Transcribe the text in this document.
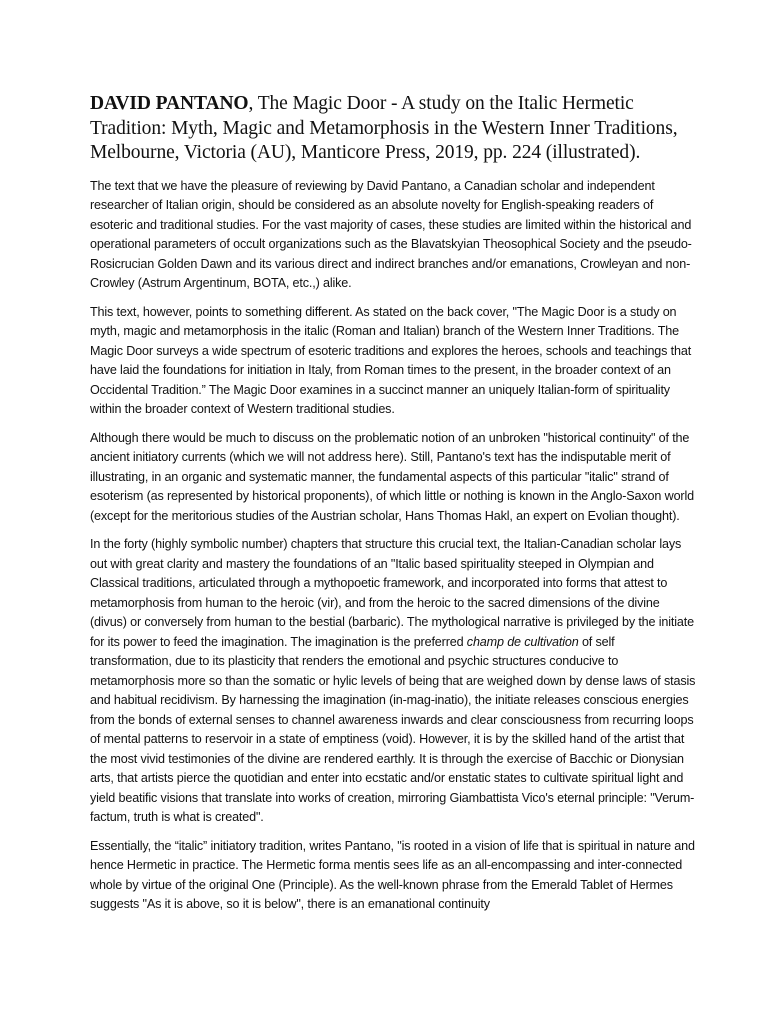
DAVID PANTANO, The Magic Door - A study on the Italic Hermetic Tradition: Myth, Magic and Metamorphosis in the Western Inner Traditions, Melbourne, Victoria (AU), Manticore Press, 2019, pp. 224 (illustrated).

The text that we have the pleasure of reviewing by David Pantano, a Canadian scholar and independent researcher of Italian origin, should be considered as an absolute novelty for English-speaking readers of esoteric and traditional studies. For the vast majority of cases, these studies are limited within the historical and operational parameters of occult organizations such as the Blavatskyian Theosophical Society and the pseudo-Rosicrucian Golden Dawn and its various direct and indirect branches and/or emanations, Crowleyan and non-Crowley (Astrum Argentinum, BOTA, etc.,) alike.

This text, however, points to something different. As stated on the back cover, "The Magic Door is a study on myth, magic and metamorphosis in the italic (Roman and Italian) branch of the Western Inner Traditions. The Magic Door surveys a wide spectrum of esoteric traditions and explores the heroes, schools and teachings that have laid the foundations for initiation in Italy, from Roman times to the present, in the broader context of an Occidental Tradition.” The Magic Door examines in a succinct manner an uniquely Italian-form of spirituality within the broader context of Western traditional studies.

Although there would be much to discuss on the problematic notion of an unbroken "historical continuity" of the ancient initiatory currents (which we will not address here). Still, Pantano's text has the indisputable merit of illustrating, in an organic and systematic manner, the fundamental aspects of this particular "italic" strand of esoterism (as represented by historical proponents), of which little or nothing is known in the Anglo-Saxon world (except for the meritorious studies of the Austrian scholar, Hans Thomas Hakl, an expert on Evolian thought).

In the forty (highly symbolic number) chapters that structure this crucial text, the Italian-Canadian scholar lays out with great clarity and mastery the foundations of an "Italic based spirituality steeped in Olympian and Classical traditions, articulated through a mythopoetic framework, and incorporated into forms that attest to metamorphosis from human to the heroic (vir), and from the heroic to the sacred dimensions of the divine (divus) or conversely from human to the bestial (barbaric). The mythological narrative is privileged by the initiate for its power to feed the imagination. The imagination is the preferred champ de cultivation of self transformation, due to its plasticity that renders the emotional and psychic structures conducive to metamorphosis more so than the somatic or hylic levels of being that are weighed down by dense laws of stasis and habitual recidivism. By harnessing the imagination (in-mag-inatio), the initiate releases conscious energies from the bonds of external senses to channel awareness inwards and clear consciousness from recurring loops of mental patterns to reservoir in a state of emptiness (void). However, it is by the skilled hand of the artist that the most vivid testimonies of the divine are rendered earthly. It is through the exercise of Bacchic or Dionysian arts, that artists pierce the quotidian and enter into ecstatic and/or enstatic states to cultivate spiritual light and yield beatific visions that translate into works of creation, mirroring Giambattista Vico's eternal principle: "Verum-factum, truth is what is created".

Essentially, the “italic” initiatory tradition, writes Pantano, "is rooted in a vision of life that is spiritual in nature and hence Hermetic in practice. The Hermetic forma mentis sees life as an all-encompassing and inter-connected whole by virtue of the original One (Principle). As the well-known phrase from the Emerald Tablet of Hermes suggests "As it is above, so it is below", there is an emanational continuity
